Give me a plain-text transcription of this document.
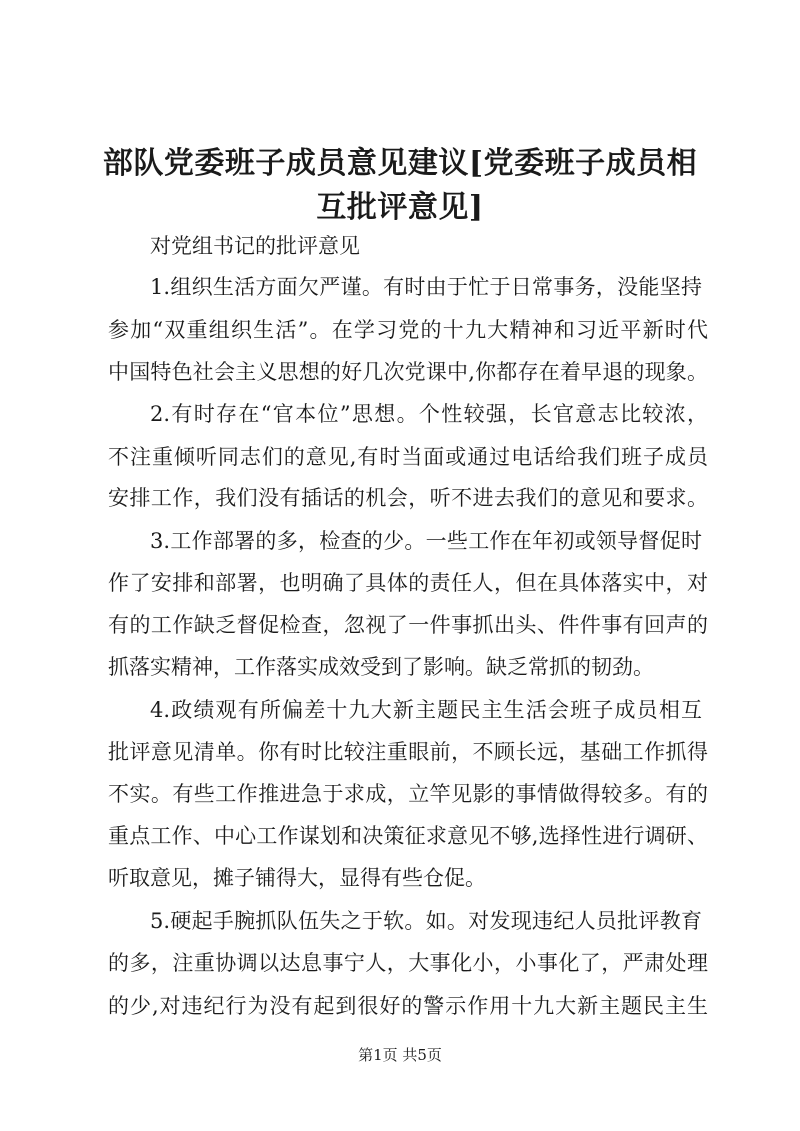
部队党委班子成员意见建议[党委班子成员相
互批评意见]
对党组书记的批评意见
1.组织生活方面欠严谨。有时由于忙于日常事务，没能坚持
参加“双重组织生活”。在学习党的十九大精神和习近平新时代
中国特色社会主义思想的好几次党课中,你都存在着早退的现象。
2.有时存在“官本位”思想。个性较强，长官意志比较浓，
不注重倾听同志们的意见,有时当面或通过电话给我们班子成员
安排工作，我们没有插话的机会，听不进去我们的意见和要求。
3.工作部署的多，检查的少。一些工作在年初或领导督促时
作了安排和部署，也明确了具体的责任人，但在具体落实中，对
有的工作缺乏督促检查，忽视了一件事抓出头、件件事有回声的
抓落实精神，工作落实成效受到了影响。缺乏常抓的韧劲。
4.政绩观有所偏差十九大新主题民主生活会班子成员相互
批评意见清单。你有时比较注重眼前，不顾长远，基础工作抓得
不实。有些工作推进急于求成，立竿见影的事情做得较多。有的
重点工作、中心工作谋划和决策征求意见不够,选择性进行调研、
听取意见，摊子铺得大，显得有些仓促。
5.硬起手腕抓队伍失之于软。如。对发现违纪人员批评教育
的多，注重协调以达息事宁人，大事化小，小事化了，严肃处理
的少,对违纪行为没有起到很好的警示作用十九大新主题民主生
第1页 共5页
